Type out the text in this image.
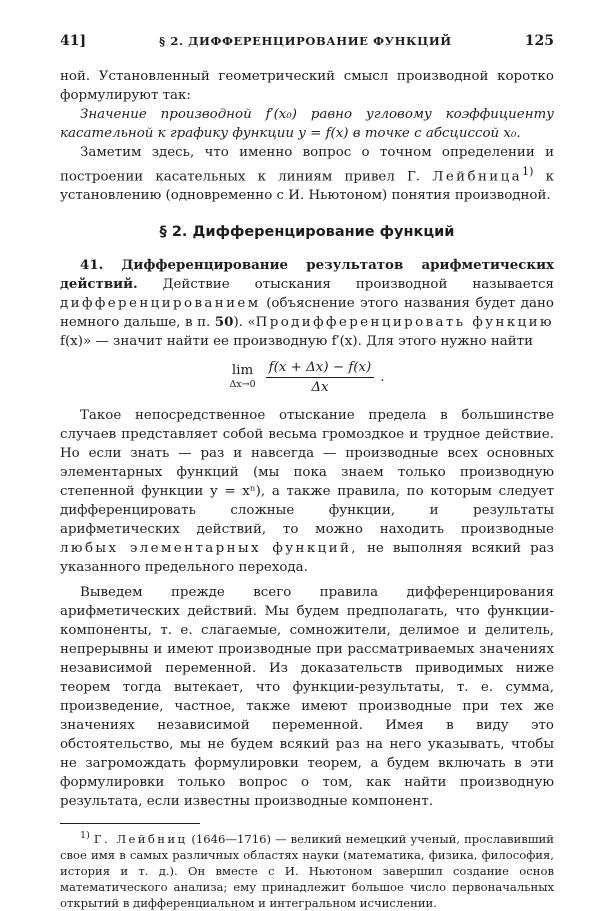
41]	§ 2. ДИФФЕРЕНЦИРОВАНИЕ ФУНКЦИЙ	125

ной. Установленный геометрический смысл производной коротко формулируют так:

Значение производной f′(x₀) равно угловому коэффициенту касательной к графику функции y = f(x) в точке с абсциссой x₀.

Заметим здесь, что именно вопрос о точном определении и построении касательных к линиям привел Г. Лейбница$^{1)}$ к установлению (одновременно с И. Ньютоном) понятия производной.

§ 2. Дифференцирование функций

41. Дифференцирование результатов арифметических действий. Действие отыскания производной называется дифференцированием (объяснение этого названия будет дано немного дальше, в п. 50). «Продифференцировать функцию f(x)» — значит найти ее производную f′(x). Для этого нужно найти

lim
$\Delta x\to 0 \frac{f(x + \Delta x) - f(x)}{\Delta x}$ .

Такое непосредственное отыскание предела в большинстве случаев представляет собой весьма громоздкое и трудное действие. Но если знать — раз и навсегда — производные всех основных элементарных функций (мы пока знаем только производную степенной функции y = xⁿ), а также правила, по которым следует дифференцировать сложные функции, и результаты арифметических действий, то можно находить производные любых элементарных функций, не выполняя всякий раз указанного предельного перехода.

Выведем прежде всего правила дифференцирования арифметических действий. Мы будем предполагать, что функции-компоненты, т. е. слагаемые, сомножители, делимое и делитель, непрерывны и имеют производные при рассматриваемых значениях независимой переменной. Из доказательств приводимых ниже теорем тогда вытекает, что функции-результаты, т. е. сумма, произведение, частное, также имеют производные при тех же значениях независимой переменной. Имея в виду это обстоятельство, мы не будем всякий раз на него указывать, чтобы не загромождать формулировки теорем, а будем включать в эти формулировки только вопрос о том, как найти производную результата, если известны производные компонент.

$^{1)}$ Г. Лейбниц (1646—1716) — великий немецкий ученый, прославивший свое имя в самых различных областях науки (математика, физика, философия, история и т. д.). Он вместе с И. Ньютоном завершил создание основ математического анализа; ему принадлежит большое число первоначальных открытий в дифференциальном и интегральном исчислении.
